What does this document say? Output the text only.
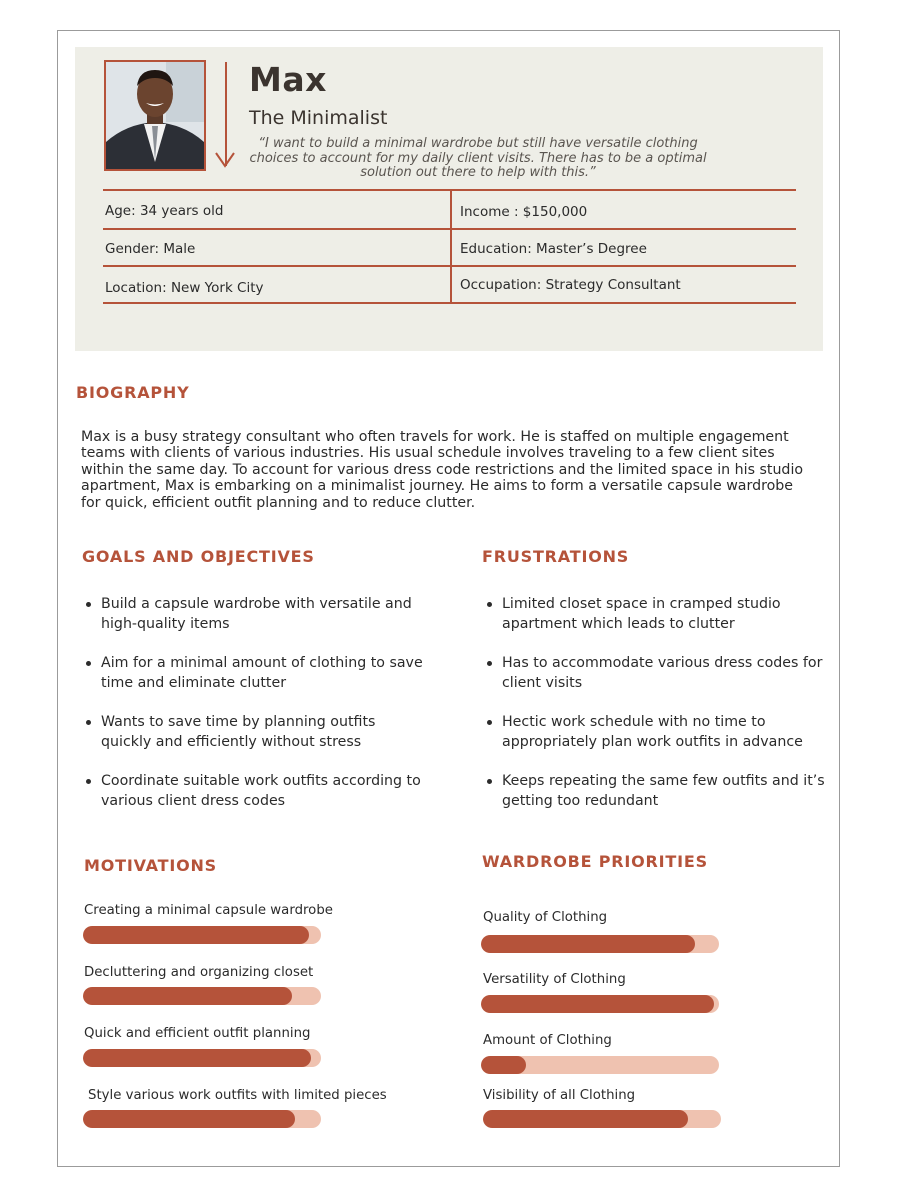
Max
The Minimalist
“I want to build a minimal wardrobe but still have versatile clothing choices to account for my daily client visits. There has to be a optimal solution out there to help with this.”
Age: 34 years old	Income : $150,000
Gender: Male	Education: Master’s Degree
Location: New York City	Occupation: Strategy Consultant
BIOGRAPHY
Max is a busy strategy consultant who often travels for work. He is staffed on multiple engagement teams with clients of various industries. His usual schedule involves traveling to a few client sites within the same day. To account for various dress code restrictions and the limited space in his studio apartment, Max is embarking on a minimalist journey. He aims to form a versatile capsule wardrobe for quick, efficient outfit planning and to reduce clutter.
GOALS AND OBJECTIVES
Build a capsule wardrobe with versatile and high-quality items
Aim for a minimal amount of clothing to save time and eliminate clutter
Wants to save time by planning outfits quickly and efficiently without stress
Coordinate suitable work outfits according to various client dress codes
FRUSTRATIONS
Limited closet space in cramped studio apartment which leads to clutter
Has to accommodate various dress codes for client visits
Hectic work schedule with no time to appropriately plan work outfits in advance
Keeps repeating the same few outfits and it’s getting too redundant
MOTIVATIONS
Creating a minimal capsule wardrobe
Decluttering and organizing closet
Quick and efficient outfit planning
Style various work outfits with limited pieces
WARDROBE PRIORITIES
Quality of Clothing
Versatility of Clothing
Amount of Clothing
Visibility of all Clothing
